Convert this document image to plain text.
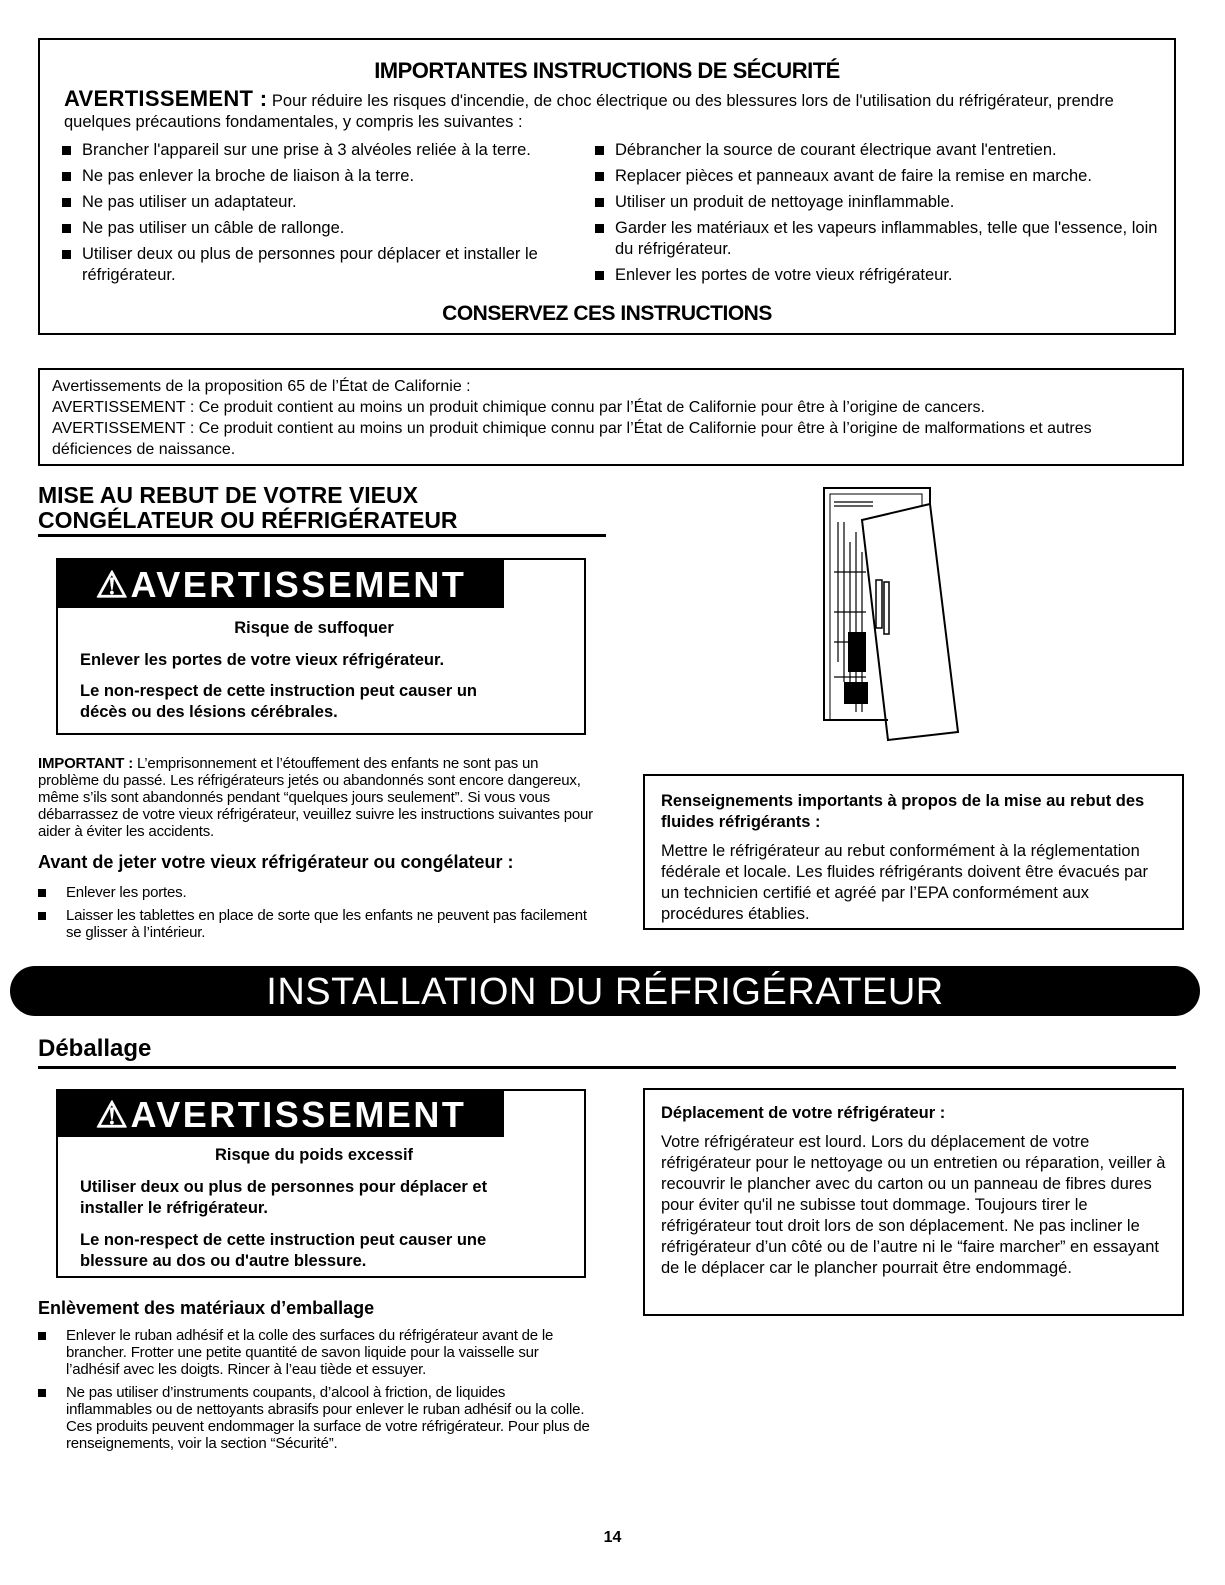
IMPORTANTES INSTRUCTIONS DE SÉCURITÉ
AVERTISSEMENT : Pour réduire les risques d'incendie, de choc électrique ou des blessures lors de l'utilisation du réfrigérateur, prendre quelques précautions fondamentales, y compris les suivantes :
Brancher l'appareil sur une prise à 3 alvéoles reliée à la terre.
Ne pas enlever la broche de liaison à la terre.
Ne pas utiliser un adaptateur.
Ne pas utiliser un câble de rallonge.
Utiliser deux ou plus de personnes pour déplacer et installer le réfrigérateur.
Débrancher la source de courant électrique avant l'entretien.
Replacer pièces et panneaux avant de faire la remise en marche.
Utiliser un produit de nettoyage ininflammable.
Garder les matériaux et les vapeurs inflammables, telle que l'essence, loin du réfrigérateur.
Enlever les portes de votre vieux réfrigérateur.
CONSERVEZ CES INSTRUCTIONS

Avertissements de la proposition 65 de l’État de Californie :

AVERTISSEMENT : Ce produit contient au moins un produit chimique connu par l’État de Californie pour être à l’origine de cancers.

AVERTISSEMENT : Ce produit contient au moins un produit chimique connu par l’État de Californie pour être à l’origine de malformations et autres déficiences de naissance.

MISE AU REBUT DE VOTRE VIEUX
CONGÉLATEUR OU RÉFRIGÉRATEUR
⚠AVERTISSEMENT

Risque de suffoquer

Enlever les portes de votre vieux réfrigérateur.

Le non-respect de cette instruction peut causer un décès ou des lésions cérébrales.

IMPORTANT : L’emprisonnement et l’étouffement des enfants ne sont pas un problème du passé. Les réfrigérateurs jetés ou abandonnés sont encore dangereux, même s’ils sont abandonnés pendant “quelques jours seulement”. Si vous vous débarrassez de votre vieux réfrigérateur, veuillez suivre les instructions suivantes pour aider à éviter les accidents.
Avant de jeter votre vieux réfrigérateur ou congélateur :
Enlever les portes.
Laisser les tablettes en place de sorte que les enfants ne peuvent pas facilement se glisser à l’intérieur.
Renseignements importants à propos de la mise au rebut des fluides réfrigérants :
Mettre le réfrigérateur au rebut conformément à la réglementation fédérale et locale. Les fluides réfrigérants doivent être évacués par un technicien certifié et agréé par l’EPA conformément aux procédures établies.
INSTALLATION DU RÉFRIGÉRATEUR
Déballage
⚠AVERTISSEMENT

Risque du poids excessif

Utiliser deux ou plus de personnes pour déplacer et installer le réfrigérateur.

Le non-respect de cette instruction peut causer une blessure au dos ou d'autre blessure.

Enlèvement des matériaux d’emballage
Enlever le ruban adhésif et la colle des surfaces du réfrigérateur avant de le brancher. Frotter une petite quantité de savon liquide pour la vaisselle sur l’adhésif avec les doigts. Rincer à l’eau tiède et essuyer.
Ne pas utiliser d’instruments coupants, d’alcool à friction, de liquides inflammables ou de nettoyants abrasifs pour enlever le ruban adhésif ou la colle. Ces produits peuvent endommager la surface de votre réfrigérateur. Pour plus de renseignements, voir la section “Sécurité”.
Déplacement de votre réfrigérateur :
Votre réfrigérateur est lourd. Lors du déplacement de votre réfrigérateur pour le nettoyage ou un entretien ou réparation, veiller à recouvrir le plancher avec du carton ou un panneau de fibres dures pour éviter qu'il ne subisse tout dommage. Toujours tirer le réfrigérateur tout droit lors de son déplacement. Ne pas incliner le réfrigérateur d’un côté ou de l’autre ni le “faire marcher” en essayant de le déplacer car le plancher pourrait être endommagé.
14
